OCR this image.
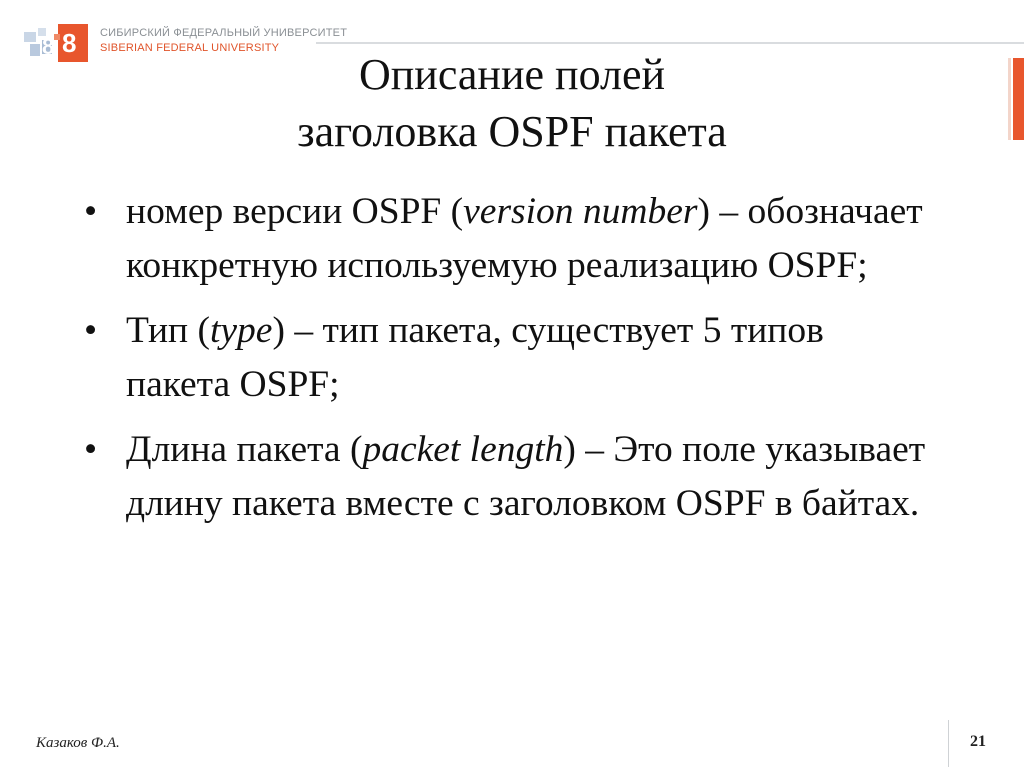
8 8 СИБИРСКИЙ ФЕДЕРАЛЬНЫЙ УНИВЕРСИТЕТ
SIBERIAN FEDERAL UNIVERSITY
Описание полей
заголовка OSPF пакета
• номер версии OSPF (version number) – обозначает конкретную используемую реализацию OSPF;
• Тип (type) – тип пакета, существует 5 типов пакета OSPF;
• Длина пакета (packet length) – Это поле указывает длину пакета вместе с заголовком OSPF в байтах.
Казаков Ф.А.	21
